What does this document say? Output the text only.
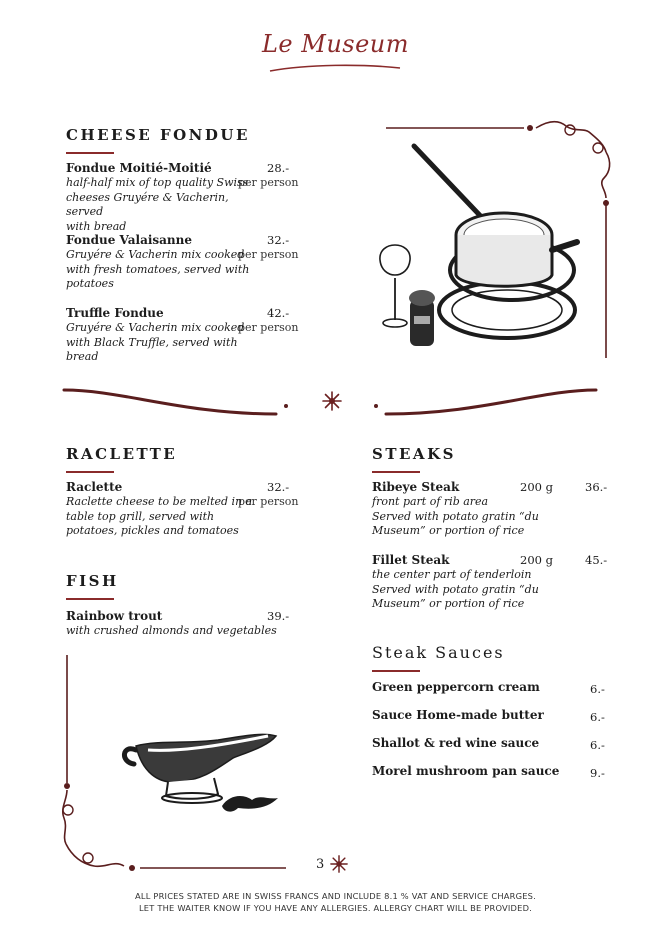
Le Museum
CHEESE FONDUE
Fondue Moitié-Moitié	28.-
per person
half-half mix of top quality Swiss
cheeses Gruyére & Vacherin, served
with bread
Fondue Valaisanne	32.-
per person
Gruyére & Vacherin mix cooked
with fresh tomatoes, served with
potatoes
Truffle Fondue	42.-
per person
Gruyére & Vacherin mix cooked
with Black Truffle, served with
bread
RACLETTE
Raclette	32.-
per person
Raclette cheese to be melted in a
table top grill, served with
potatoes, pickles and tomatoes
FISH
Rainbow trout	39.-
with crushed almonds and vegetables
STEAKS
Ribeye Steak	200 g	36.-
front part of rib area
Served with potato gratin “du
Museum” or portion of rice
Fillet Steak	200 g	45.-
the center part of tenderloin
Served with potato gratin “du
Museum” or portion of rice
Steak Sauces
Green peppercorn cream	6.-
Sauce Home-made butter	6.-
Shallot & red wine sauce	6.-
Morel mushroom pan sauce	9.-
3
ALL PRICES STATED ARE IN SWISS FRANCS AND INCLUDE 8.1 % VAT AND SERVICE CHARGES.
LET THE WAITER KNOW IF YOU HAVE ANY ALLERGIES. ALLERGY CHART WILL BE PROVIDED.
